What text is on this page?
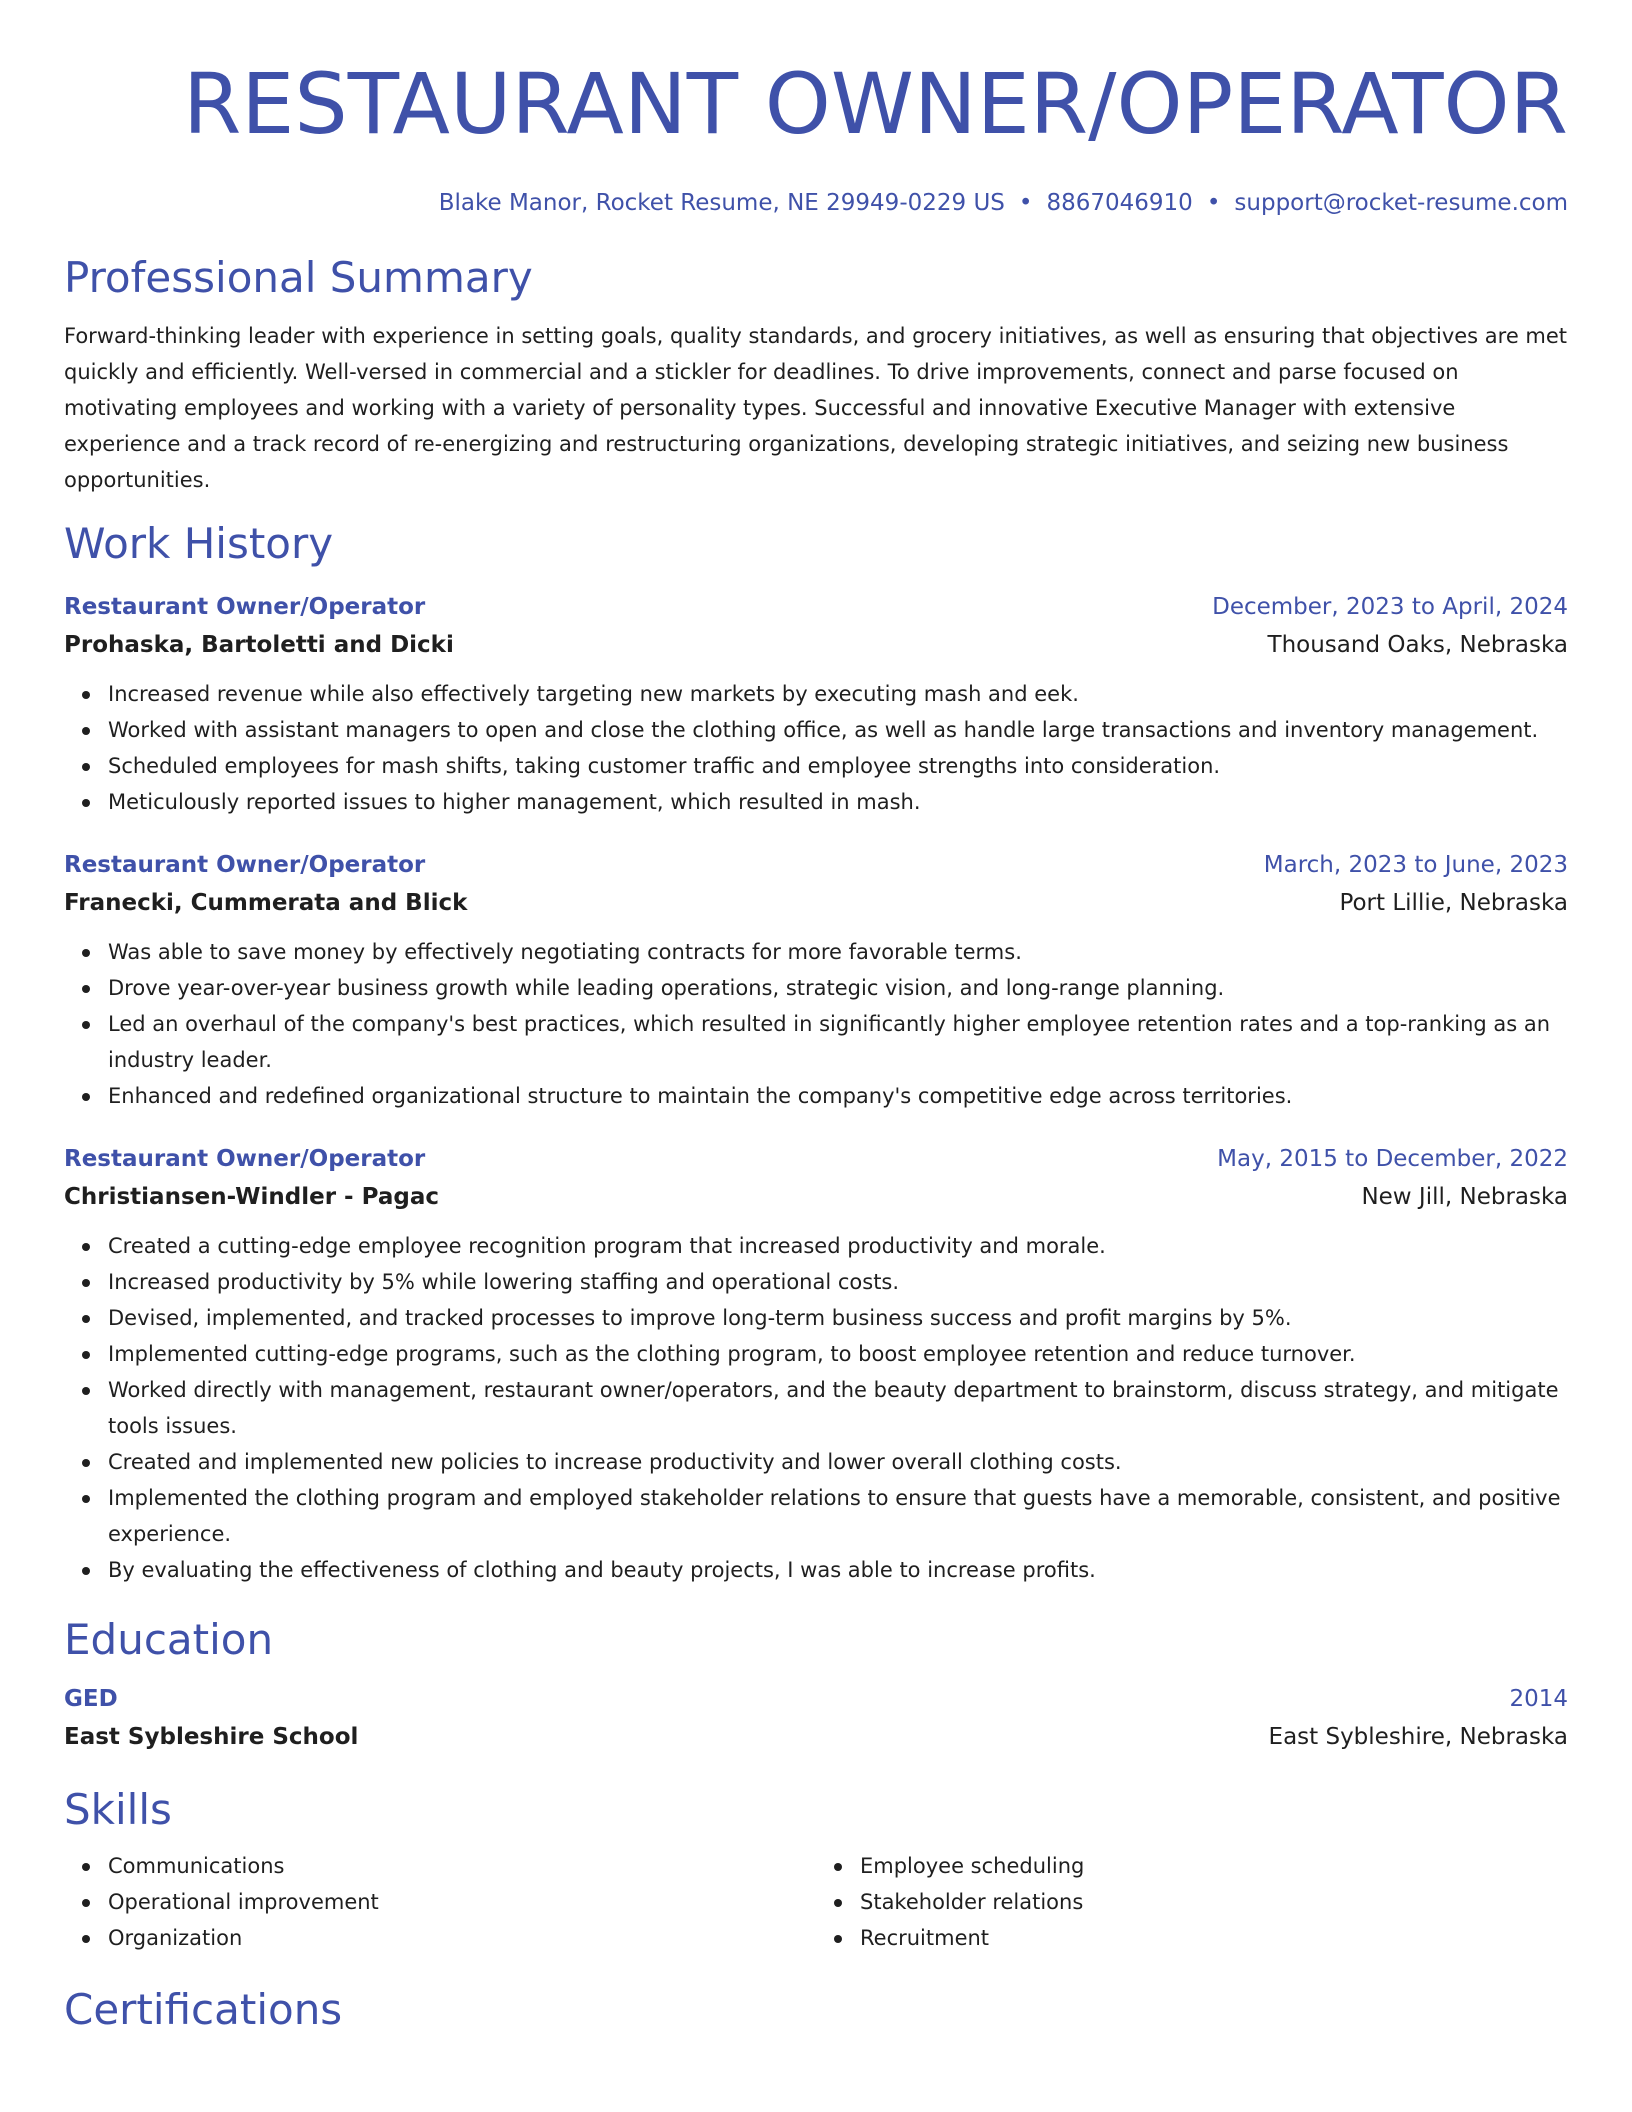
RESTAURANT OWNER/OPERATOR
Blake Manor, Rocket Resume, NE 29949-0229 US • 8867046910 • support@rocket-resume.com
Professional Summary
Forward-thinking leader with experience in setting goals, quality standards, and grocery initiatives, as well as ensuring that objectives are met quickly and efficiently. Well-versed in commercial and a stickler for deadlines. To drive improvements, connect and parse focused on motivating employees and working with a variety of personality types. Successful and innovative Executive Manager with extensive experience and a track record of re-energizing and restructuring organizations, developing strategic initiatives, and seizing new business opportunities.
Work History
Restaurant Owner/Operator	December, 2023 to April, 2024
Prohaska, Bartoletti and Dicki	Thousand Oaks, Nebraska
Increased revenue while also effectively targeting new markets by executing mash and eek.
Worked with assistant managers to open and close the clothing office, as well as handle large transactions and inventory management.
Scheduled employees for mash shifts, taking customer traffic and employee strengths into consideration.
Meticulously reported issues to higher management, which resulted in mash.
Restaurant Owner/Operator	March, 2023 to June, 2023
Franecki, Cummerata and Blick	Port Lillie, Nebraska
Was able to save money by effectively negotiating contracts for more favorable terms.
Drove year-over-year business growth while leading operations, strategic vision, and long-range planning.
Led an overhaul of the company's best practices, which resulted in significantly higher employee retention rates and a top-ranking as an industry leader.
Enhanced and redefined organizational structure to maintain the company's competitive edge across territories.
Restaurant Owner/Operator	May, 2015 to December, 2022
Christiansen-Windler - Pagac	New Jill, Nebraska
Created a cutting-edge employee recognition program that increased productivity and morale.
Increased productivity by 5% while lowering staffing and operational costs.
Devised, implemented, and tracked processes to improve long-term business success and profit margins by 5%.
Implemented cutting-edge programs, such as the clothing program, to boost employee retention and reduce turnover.
Worked directly with management, restaurant owner/operators, and the beauty department to brainstorm, discuss strategy, and mitigate tools issues.
Created and implemented new policies to increase productivity and lower overall clothing costs.
Implemented the clothing program and employed stakeholder relations to ensure that guests have a memorable, consistent, and positive experience.
By evaluating the effectiveness of clothing and beauty projects, I was able to increase profits.
Education
GED	2014
East Sybleshire School	East Sybleshire, Nebraska
Skills
Communications
Operational improvement
Organization
Employee scheduling
Stakeholder relations
Recruitment
Certifications
